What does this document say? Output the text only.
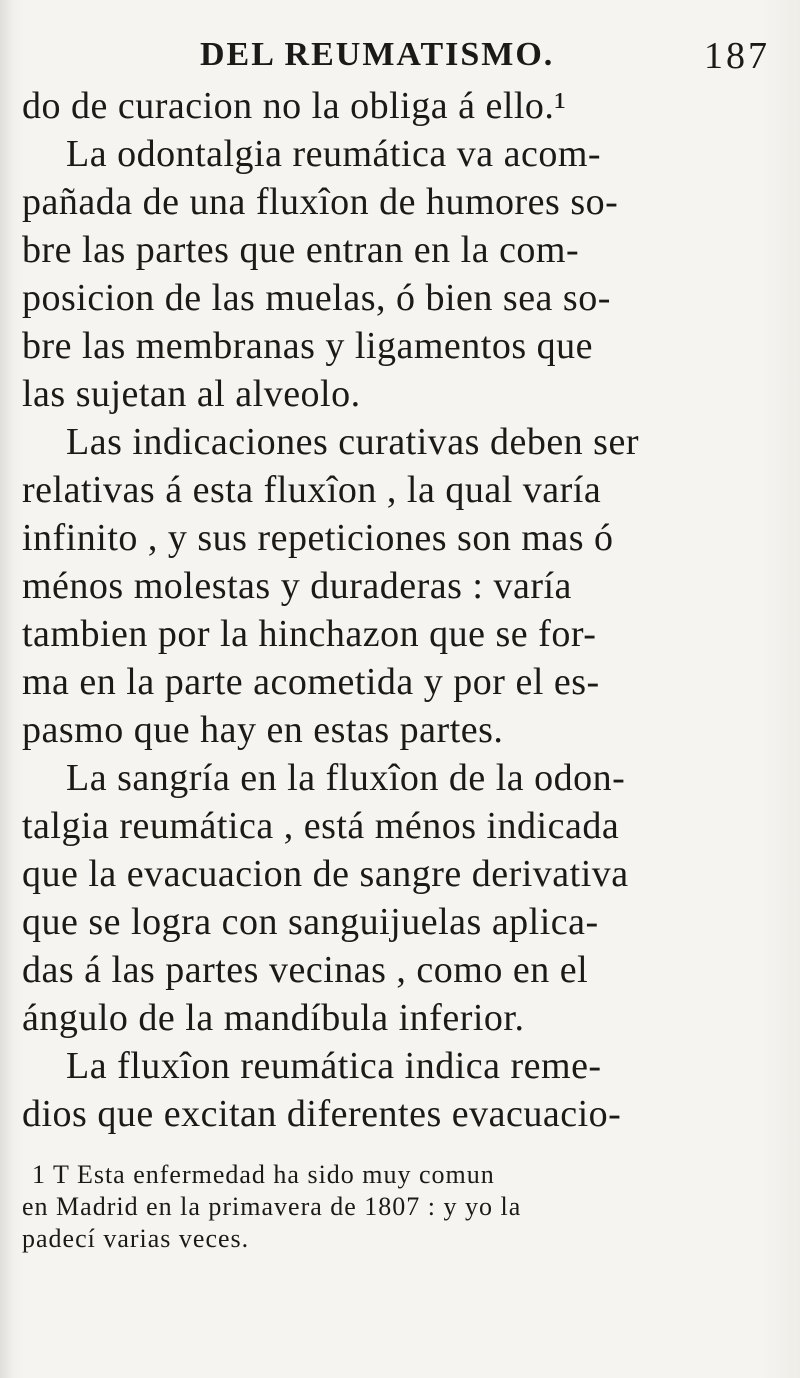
DEL REUMATISMO.	187
do de curacion no la obliga á ello.¹
La odontalgia reumática va acom-
pañada de una fluxîon de humores so-
bre las partes que entran en la com-
posicion de las muelas, ó bien sea so-
bre las membranas y ligamentos que
las sujetan al alveolo.
Las indicaciones curativas deben ser
relativas á esta fluxîon , la qual varía
infinito , y sus repeticiones son mas ó
ménos molestas y duraderas : varía
tambien por la hinchazon que se for-
ma en la parte acometida y por el es-
pasmo que hay en estas partes.
La sangría en la fluxîon de la odon-
talgia reumática , está ménos indicada
que la evacuacion de sangre derivativa
que se logra con sanguijuelas aplica-
das á las partes vecinas , como en el
ángulo de la mandíbula inferior.
La fluxîon reumática indica reme-
dios que excitan diferentes evacuacio-
1 T Esta enfermedad ha sido muy comun
en Madrid en la primavera de 1807 : y yo la
padecí varias veces.
